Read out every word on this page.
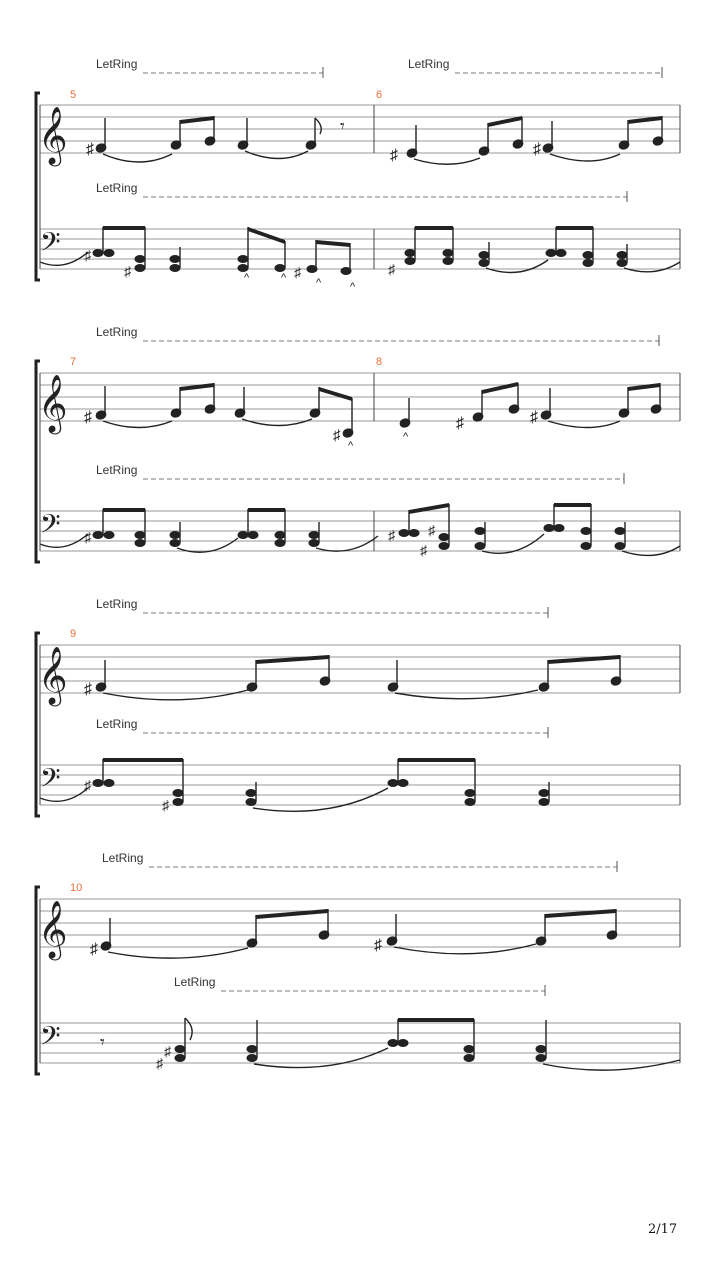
LetRing	LetRing
𝄞
5	6
♯
𝄾
♯	♯
LetRing
𝄢 ♯
♯	^	^ ♯
^	^
♯
LetRing
𝄞
7	8
♯
♯
^
^
♯	♯
LetRing
𝄢 ♯	♯
♯
♯
LetRing
𝄞
9
♯
LetRing
𝄢 ♯
♯
LetRing
𝄞
10
♯	♯
LetRing
𝄢 𝄾
♯
♯
2/17
